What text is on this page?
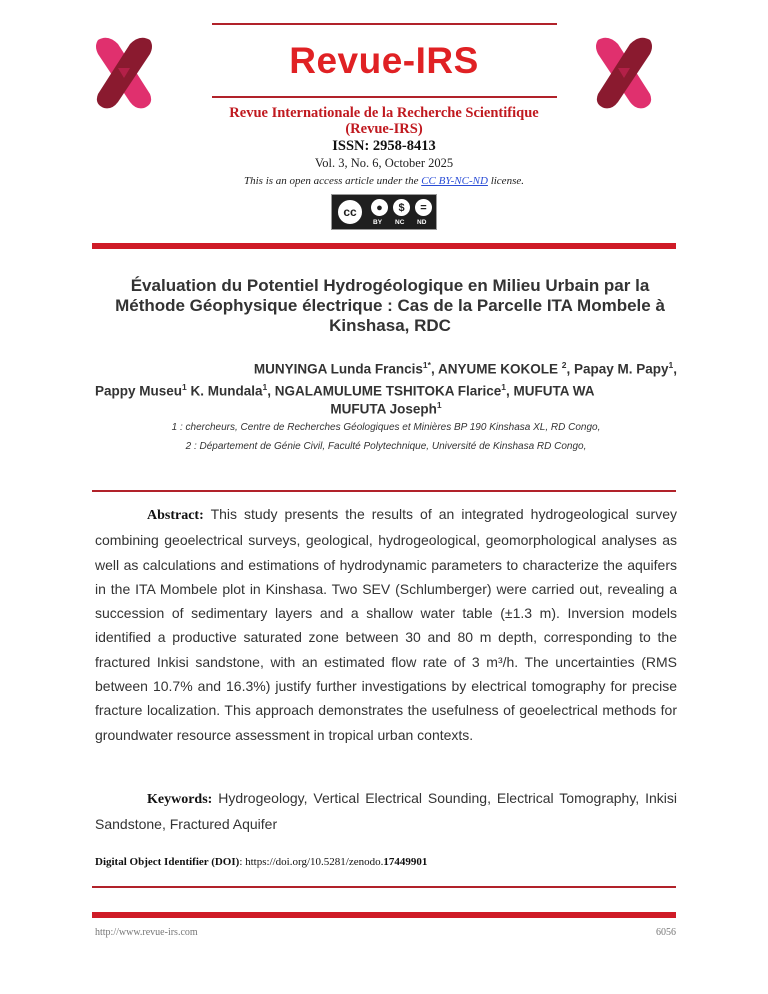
Revue-IRS
Revue Internationale de la Recherche Scientifique
(Revue-IRS)
ISSN: 2958-8413
Vol. 3, No. 6, October 2025
This is an open access article under the CC BY-NC-ND license.
cc	●	$	=
BY NC ND
Évaluation du Potentiel Hydrogéologique en Milieu Urbain par la Méthode Géophysique électrique : Cas de la Parcelle ITA Mombele à Kinshasa, RDC
MUNYINGA Lunda Francis$^{1*}$, ANYUME KOKOLE $^2$, Papay M. Papy$^1$,
Pappy Museu$^1$ K. Mundala$^1$, NGALAMULUME TSHITOKA Flarice$^1$, MUFUTA WA
MUFUTA Joseph$^1$
1 : chercheurs, Centre de Recherches Géologiques et Minières BP 190 Kinshasa XL, RD Congo,
2 : Département de Génie Civil, Faculté Polytechnique, Université de Kinshasa RD Congo,
Abstract: This study presents the results of an integrated hydrogeological survey combining geoelectrical surveys, geological, hydrogeological, geomorphological analyses as well as calculations and estimations of hydrodynamic parameters to characterize the aquifers in the ITA Mombele plot in Kinshasa. Two SEV (Schlumberger) were carried out, revealing a succession of sedimentary layers and a shallow water table (±1.3 m). Inversion models identified a productive saturated zone between 30 and 80 m depth, corresponding to the fractured Inkisi sandstone, with an estimated flow rate of 3 m³/h. The uncertainties (RMS between 10.7% and 16.3%) justify further investigations by electrical tomography for precise fracture localization. This approach demonstrates the usefulness of geoelectrical methods for groundwater resource assessment in tropical urban contexts.
Keywords: Hydrogeology, Vertical Electrical Sounding, Electrical Tomography, Inkisi Sandstone, Fractured Aquifer
Digital Object Identifier (DOI): https://doi.org/10.5281/zenodo.17449901
http://www.revue-irs.com	6056
